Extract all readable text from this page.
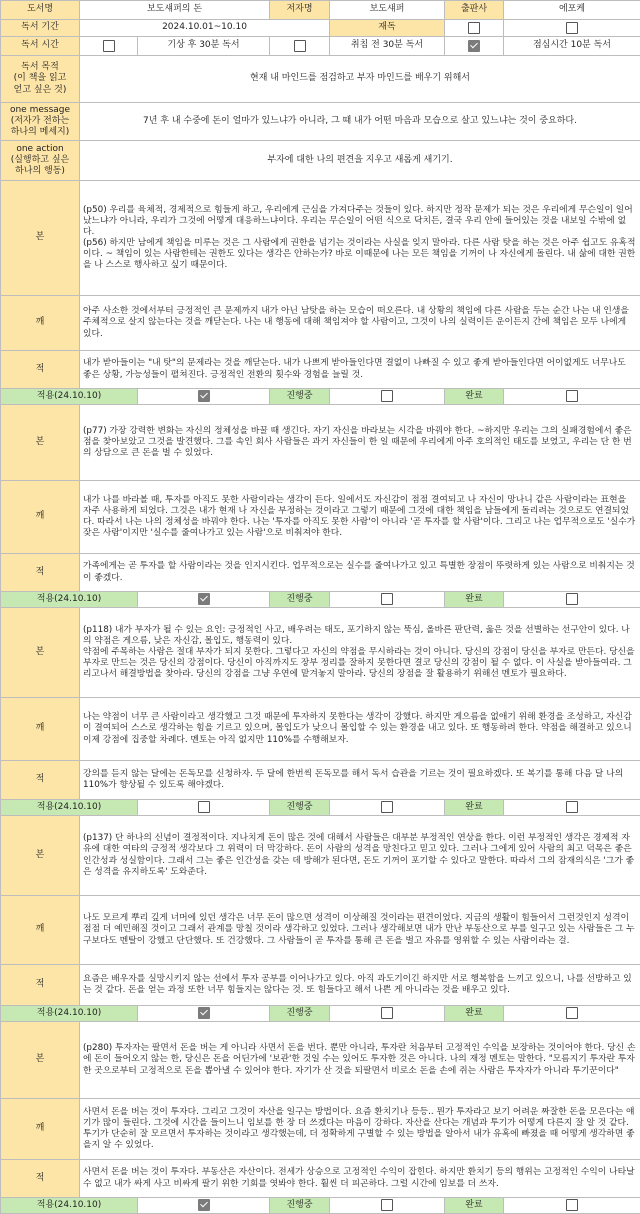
도서명	보도섀퍼의 돈		저자명	보도섀퍼	출판사	에포케
독서 기간	2024.10.01~10.10			재독		
독서 시간		기상 후 30분 독서		취침 전 30분 독서		점심시간 10분 독서
독서 목적
(이 책을 읽고
얻고 싶은 것)	현재 내 마인드를 점검하고 부자 마인드를 배우기 위해서					
one message
(저자가 전하는
하나의 메세지)	7년 후 내 수중에 돈이 얼마가 있느냐가 아니라, 그 때 내가 어떤 마음과 모습으로 살고 있느냐는 것이 중요하다.					
one action
(실행하고 싶은
하나의 행동)	부자에 대한 나의 편견을 지우고 새롭게 새기기.					
본	(p50) 우리를 육체적, 경제적으로 힘들게 하고, 우리에게 근심을 가져다주는 것들이 있다. 하지만 정작 문제가 되는 것은 우리에게 무슨일이 일어났느냐가 아니라, 우리가 그것에 어떻게 대응하느냐이다. 우리는 무슨일이 어떤 식으로 닥치든, 결국 우리 안에 들어있는 것을 내보일 수밖에 없다.
(p56) 하지만 남에게 책임을 미루는 것은 그 사람에게 권한을 넘기는 것이라는 사실을 잊지 말아라. 다른 사람 탓을 하는 것은 아주 쉽고도 유혹적이다. ~ 책임이 있는 사람한테는 권한도 있다는 생각은 안하는가? 바로 이때문에 나는 모든 책임을 기꺼이 나 자신에게 돌린다. 내 삶에 대한 권한을 나 스스로 행사하고 싶기 때문이다.					
깨	아주 사소한 것에서부터 긍정적인 큰 문제까지 내가 아닌 남탓을 하는 모습이 떠오른다. 내 상황의 책임에 다른 사람을 두는 순간 나는 내 인생을 주체적으로 살지 않는다는 것을 깨닫는다. 나는 내 행동에 대해 책임져야 할 사람이고, 그것이 나의 실력이든 운이든지 간에 책임은 모두 나에게 있다.					
적	내가 받아들이는 "내 탓"의 문제라는 것을 깨닫는다. 내가 나쁘게 받아들인다면 결없이 나빠질 수 있고 좋게 받아들인다면 어이없게도 너무나도 좋은 상황, 가능성들이 펼쳐진다. 긍정적인 전환의 횟수와 경험을 늘릴 것.					
적용(24.10.10)			진행중		완료	
본	(p77) 가장 강력한 변화는 자신의 정체성을 바꿀 때 생긴다. 자기 자신을 바라보는 시각을 바꿔야 한다. ~하지만 우리는 그의 실패경험에서 좋은 점을 찾아보았고 그것을 발견했다. 그를 속인 회사 사람들은 과거 자신들이 한 일 때문에 우리에게 아주 호의적인 태도를 보였고, 우리는 단 한 번의 상담으로 큰 돈을 벌 수 있었다.					
깨	내가 나를 바라볼 때, 투자를 아직도 못한 사람이라는 생각이 든다. 일에서도 자신감이 점점 결여되고 나 자신이 망나니 같은 사람이라는 표현을 자주 사용하게 되었다. 그것은 내가 현재 나 자신을 부정하는 것이라고 그렇기 때문에 그것에 대한 책임을 남들에게 돌리려는 것으로도 연결되었다. 따라서 나는 나의 정체성을 바꿔야 한다. 나는 '투자를 아직도 못한 사람'이 아니라 '곧 투자를 할 사람'이다. 그리고 나는 업무적으로도 '실수가 잦은 사람'이지만 '실수를 줄여나가고 있는 사람'으로 비춰져야 한다.					
적	가족에게는 곧 투자를 할 사람이라는 것을 인지시킨다. 업무적으로는 실수를 줄여나가고 있고 특별한 장점이 뚜렷하게 있는 사람으로 비춰지는 것이 좋겠다.					
적용(24.10.10)			진행중		완료	
본	(p118) 내가 부자가 될 수 있는 요인: 긍정적인 사고, 배우려는 태도, 포기하지 않는 뚝심, 올바른 판단력, 옳은 것을 선별하는 선구안이 있다. 나의 약점은 게으름, 낮은 자신감, 몰입도, 행동력이 있다.
약점에 주목하는 사람은 절대 부자가 되지 못한다. 그렇다고 자신의 약점을 무시하라는 것이 아니다. 당신의 강점이 당신을 부자로 만든다. 당신을 부자로 만드는 것은 당신의 강점이다. 당신이 아직까지도 장부 정리를 잘하지 못한다면 결코 당신의 강점이 될 수 없다. 이 사실을 받아들여라. 그리고나서 해결방법을 찾아라. 당신의 강점을 그냥 우연에 맡겨놓지 말아라. 당신의 장점을 잘 활용하기 위해선 멘토가 필요하다.					
깨	나는 약점이 너무 큰 사람이라고 생각했고 그것 때문에 투자하지 못한다는 생각이 강했다. 하지만 게으름을 없애기 위해 환경을 조성하고, 자신감이 결여되어 스스로 생각하는 힘을 기르고 있으며, 몰입도가 낮으니 몰입할 수 있는 환경을 내고 있다. 또 행동하려 한다. 약점을 해결하고 있으니 이제 강점에 집중할 차례다. 멘토는 아직 없지만 110%를 수행해보자.					
적	강의를 듣지 않는 달에는 돈독모를 신청하자. 두 달에 한번씩 돈독모를 해서 독서 습관을 기르는 것이 필요하겠다. 또 복기를 통해 다음 달 나의 110%가 향상될 수 있도록 해야겠다.					
적용(24.10.10)			진행중		완료	
본	(p137) 단 하나의 신념이 결정적이다. 지나치게 돈이 많은 것에 대해서 사람들은 대부분 부정적인 연상을 한다. 이런 부정적인 생각은 경제적 자유에 대한 여타의 긍정적 생각보다 그 위력이 더 막강하다. 돈이 사람의 성격을 망친다고 믿고 있다. 그러나 그에게 있어 사람의 최고 덕목은 좋은 인간성과 성실함이다. 그래서 그는 좋은 인간성을 갖는 데 방해가 된다면, 돈도 기꺼이 포기할 수 있다고 말한다. 따라서 그의 잠재의식은 '그가 좋은 성격을 유지하도록' 도와준다.					
깨	나도 모르게 뿌리 깊게 너머에 있던 생각은 너무 돈이 많으면 성격이 이상해질 것이라는 편견이었다. 지금의 생활이 힘들어서 그런것인지 성격이 점점 더 예민해질 것이고 그래서 관계를 망칠 것이라 생각하고 있었다. 그러나 생각해보면 내가 만난 부동산으로 부를 일구고 있는 사람들은 그 누구보다도 멘탈이 강했고 단단했다. 또 건강했다. 그 사람들이 곧 투자를 통해 큰 돈을 벌고 자유를 영위할 수 있는 사람이라는 걸.					
적	요즘은 배우자를 실망시키지 않는 선에서 투자 공부를 이어나가고 있다. 아직 과도기이긴 하지만 서로 행복함을 느끼고 있으니, 나를 선방하고 있는 것 같다. 돈을 얻는 과정 또한 너무 힘들지는 않다는 것. 또 힘들다고 해서 나쁜 게 아니라는 것을 배우고 있다.					
적용(24.10.10)			진행중		완료	
본	(p280) 투자자는 팔면서 돈을 버는 게 아니라 사면서 돈을 번다. 뿐만 아니라, 투자란 처음부터 고정적인 수익을 보장하는 것이어야 한다. 당신 손에 돈이 들어오지 않는 한, 당신은 돈을 어딘가에 '보관'한 것일 수는 있어도 투자한 것은 아니다. 나의 재정 멘토는 말한다. "모름지기 투자란 투자한 곳으로부터 고정적으로 돈을 뽑아낼 수 있어야 한다. 자기가 산 것을 되팔면서 비로소 돈을 손에 쥐는 사람은 투자자가 아니라 투기꾼이다"					
깨	사면서 돈을 버는 것이 투자다. 그리고 그것이 자산을 일구는 방법이다. 요즘 환치기나 등등.. 뭔가 투자라고 보기 어려운 짜잘한 돈을 모은다는 얘기가 많이 들린다. 그것에 시간을 들이느니 임보를 한 장 더 쓰겠다는 마음이 강하다. 자산을 산다는 개념과 투기가 어떻게 다른지 잘 알 것 같다. 투기가 단순히 잘 모르면서 투자하는 것이라고 생각했는데, 더 정확하게 구별할 수 있는 방법을 알아서 내가 유혹에 빠졌을 때 어떻게 생각하면 좋을지 알 수 있었다.					
적	사면서 돈을 버는 것이 투자다. 부동산은 자산이다. 전세가 상승으로 고정적인 수익이 잡힌다. 하지만 환치기 등의 행위는 고정적인 수익이 나타날 수 없고 내가 싸게 사고 비싸게 팔기 위한 기회를 엿봐야 한다. 훨씬 더 피곤하다. 그럴 시간에 임보를 더 쓰자.					
적용(24.10.10)			진행중		완료	
